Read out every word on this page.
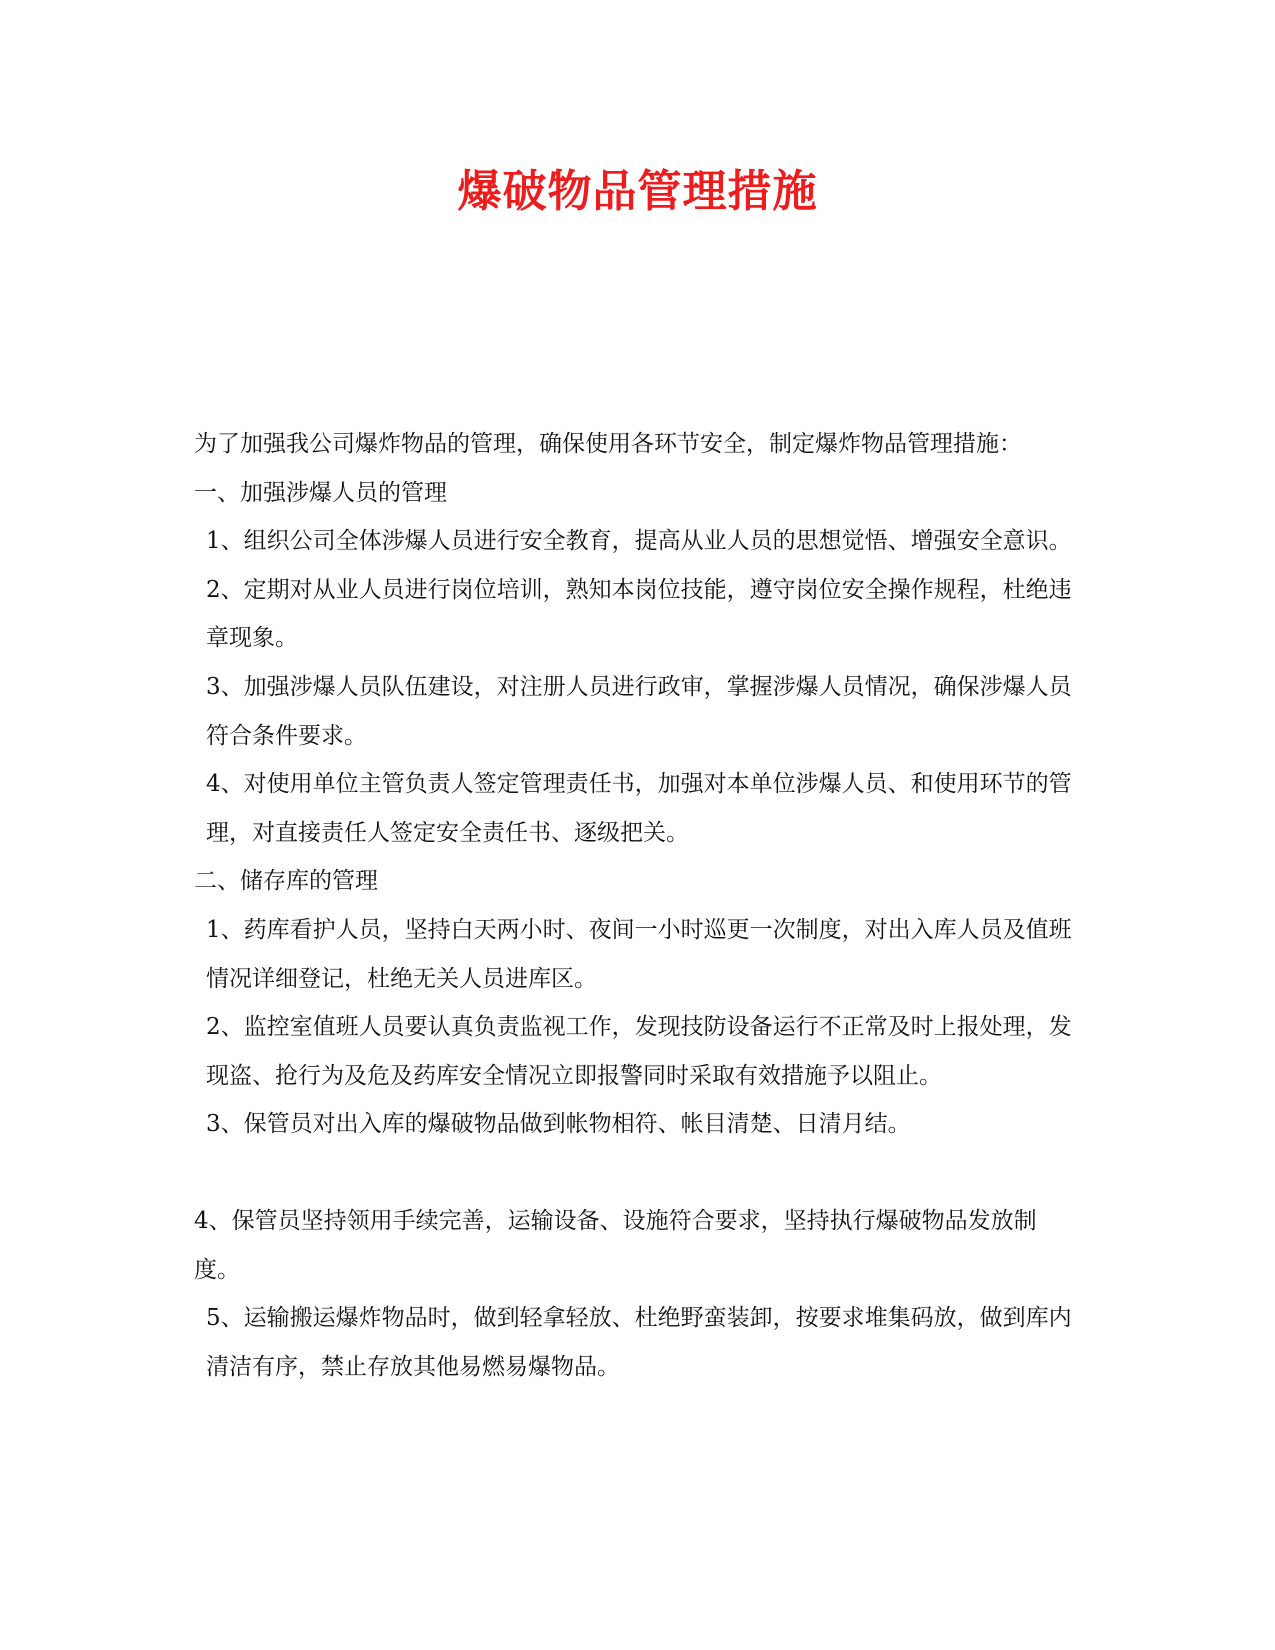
爆破物品管理措施

为了加强我公司爆炸物品的管理，确保使用各环节安全，制定爆炸物品管理措施：

一、加强涉爆人员的管理

1、组织公司全体涉爆人员进行安全教育，提高从业人员的思想觉悟、增强安全意识。

2、定期对从业人员进行岗位培训，熟知本岗位技能，遵守岗位安全操作规程，杜绝违章现象。

3、加强涉爆人员队伍建设，对注册人员进行政审，掌握涉爆人员情况，确保涉爆人员符合条件要求。

4、对使用单位主管负责人签定管理责任书，加强对本单位涉爆人员、和使用环节的管理，对直接责任人签定安全责任书、逐级把关。

二、储存库的管理

1、药库看护人员，坚持白天两小时、夜间一小时巡更一次制度，对出入库人员及值班情况详细登记，杜绝无关人员进库区。

2、监控室值班人员要认真负责监视工作，发现技防设备运行不正常及时上报处理，发现盗、抢行为及危及药库安全情况立即报警同时采取有效措施予以阻止。

3、保管员对出入库的爆破物品做到帐物相符、帐目清楚、日清月结。

4、保管员坚持领用手续完善，运输设备、设施符合要求，坚持执行爆破物品发放制度。

5、运输搬运爆炸物品时，做到轻拿轻放、杜绝野蛮装卸，按要求堆集码放，做到库内清洁有序，禁止存放其他易燃易爆物品。
